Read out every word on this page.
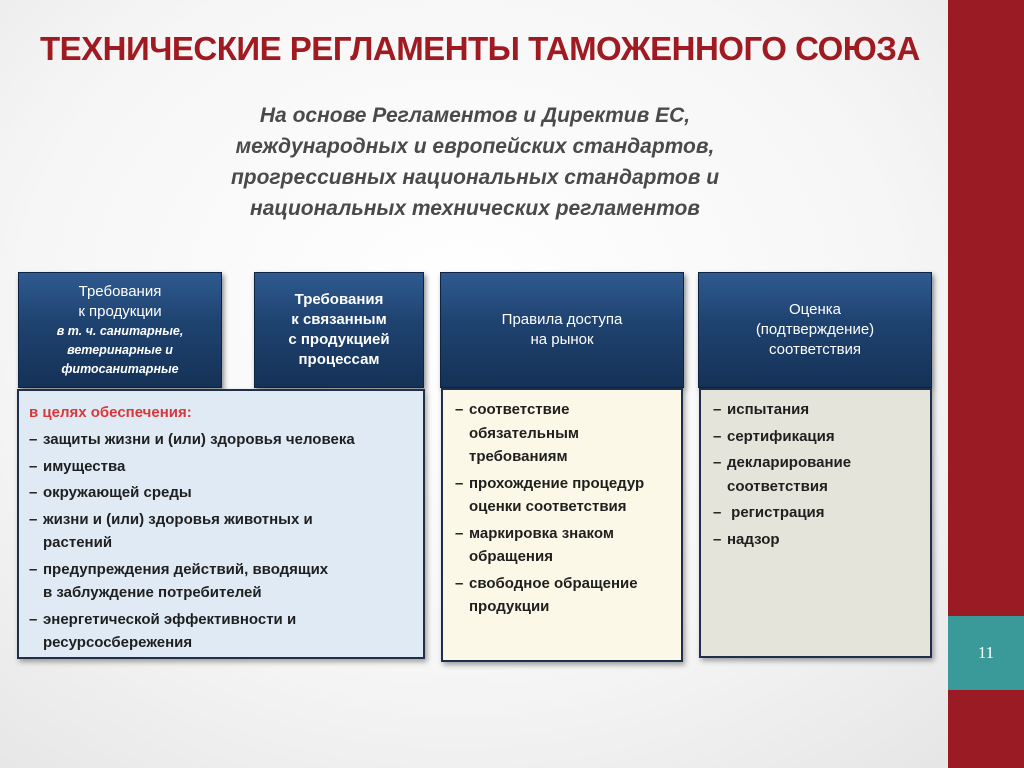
11
ТЕХНИЧЕСКИЕ РЕГЛАМЕНТЫ ТАМОЖЕННОГО СОЮЗА
На основе Регламентов и Директив ЕС,
международных и европейских стандартов,
прогрессивных национальных стандартов и
национальных технических регламентов
Требования
к продукции
в т. ч. санитарные,
ветеринарные и
фитосанитарные
Требования
к связанным
с продукцией
процессам
Правила доступа
на рынок
Оценка
(подтверждение)
соответствия
в целях обеспечения:
– защиты жизни и (или) здоровья человека
– имущества
– окружающей среды
– жизни и (или) здоровья животных и
растений
– предупреждения действий, вводящих
в заблуждение потребителей
– энергетической эффективности и
ресурсосбережения
– соответствие
обязательным
требованиям
– прохождение процедур
оценки соответствия
– маркировка знаком
обращения
– свободное обращение
продукции
– испытания
– сертификация
– декларирование
соответствия
– регистрация
– надзор
